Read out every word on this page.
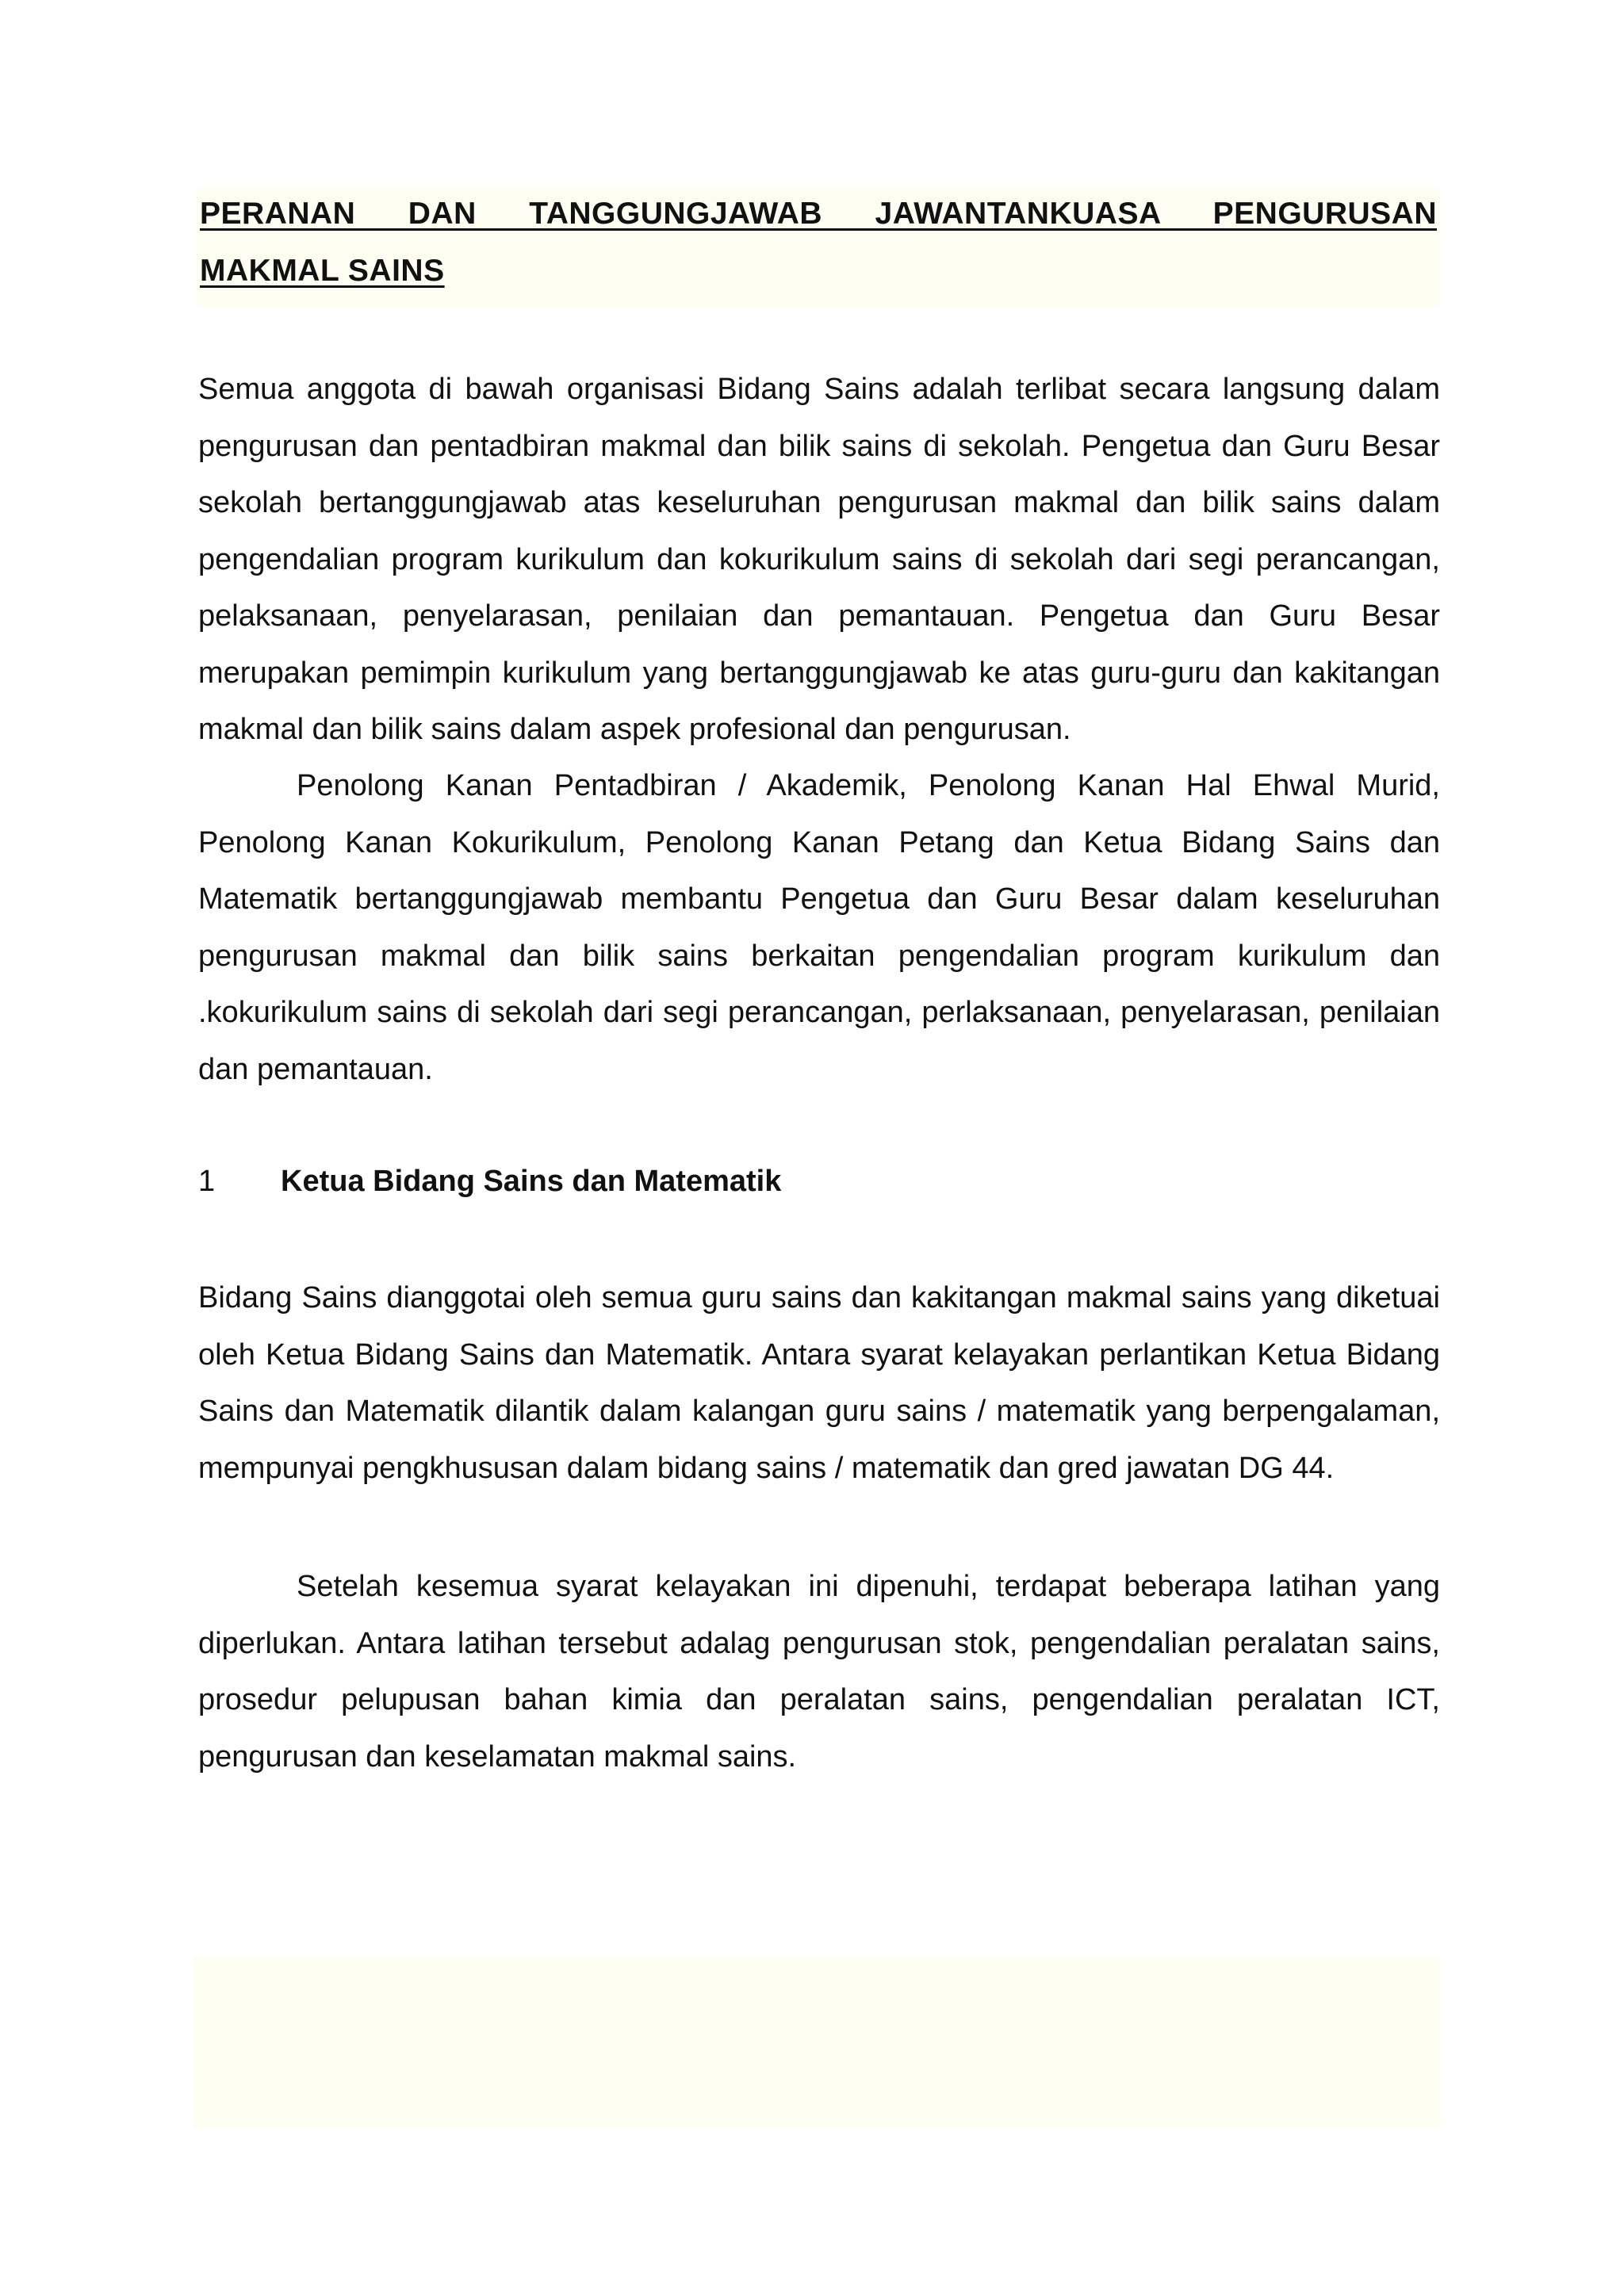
PERANAN DAN TANGGUNGJAWAB JAWANTANKUASA PENGURUSAN
MAKMAL SAINS

Semua anggota di bawah organisasi Bidang Sains adalah terlibat secara langsung dalam pengurusan dan pentadbiran makmal dan bilik sains di sekolah. Pengetua dan Guru Besar sekolah bertanggungjawab atas keseluruhan pengurusan makmal dan bilik sains dalam pengendalian program kurikulum dan kokurikulum sains di sekolah dari segi perancangan, pelaksanaan, penyelarasan, penilaian dan pemantauan. Pengetua dan Guru Besar merupakan pemimpin kurikulum yang bertanggungjawab ke atas guru-guru dan kakitangan makmal dan bilik sains dalam aspek profesional dan pengurusan.

Penolong Kanan Pentadbiran / Akademik, Penolong Kanan Hal Ehwal Murid, Penolong Kanan Kokurikulum, Penolong Kanan Petang dan Ketua Bidang Sains dan Matematik bertanggungjawab membantu Pengetua dan Guru Besar dalam keseluruhan pengurusan makmal dan bilik sains berkaitan pengendalian program kurikulum dan .kokurikulum sains di sekolah dari segi perancangan, perlaksanaan, penyelarasan, penilaian dan pemantauan.

1 Ketua Bidang Sains dan Matematik

Bidang Sains dianggotai oleh semua guru sains dan kakitangan makmal sains yang diketuai oleh Ketua Bidang Sains dan Matematik. Antara syarat kelayakan perlantikan Ketua Bidang Sains dan Matematik dilantik dalam kalangan guru sains / matematik yang berpengalaman, mempunyai pengkhususan dalam bidang sains / matematik dan gred jawatan DG 44.

Setelah kesemua syarat kelayakan ini dipenuhi, terdapat beberapa latihan yang diperlukan. Antara latihan tersebut adalag pengurusan stok, pengendalian peralatan sains, prosedur pelupusan bahan kimia dan peralatan sains, pengendalian peralatan ICT, pengurusan dan keselamatan makmal sains.
